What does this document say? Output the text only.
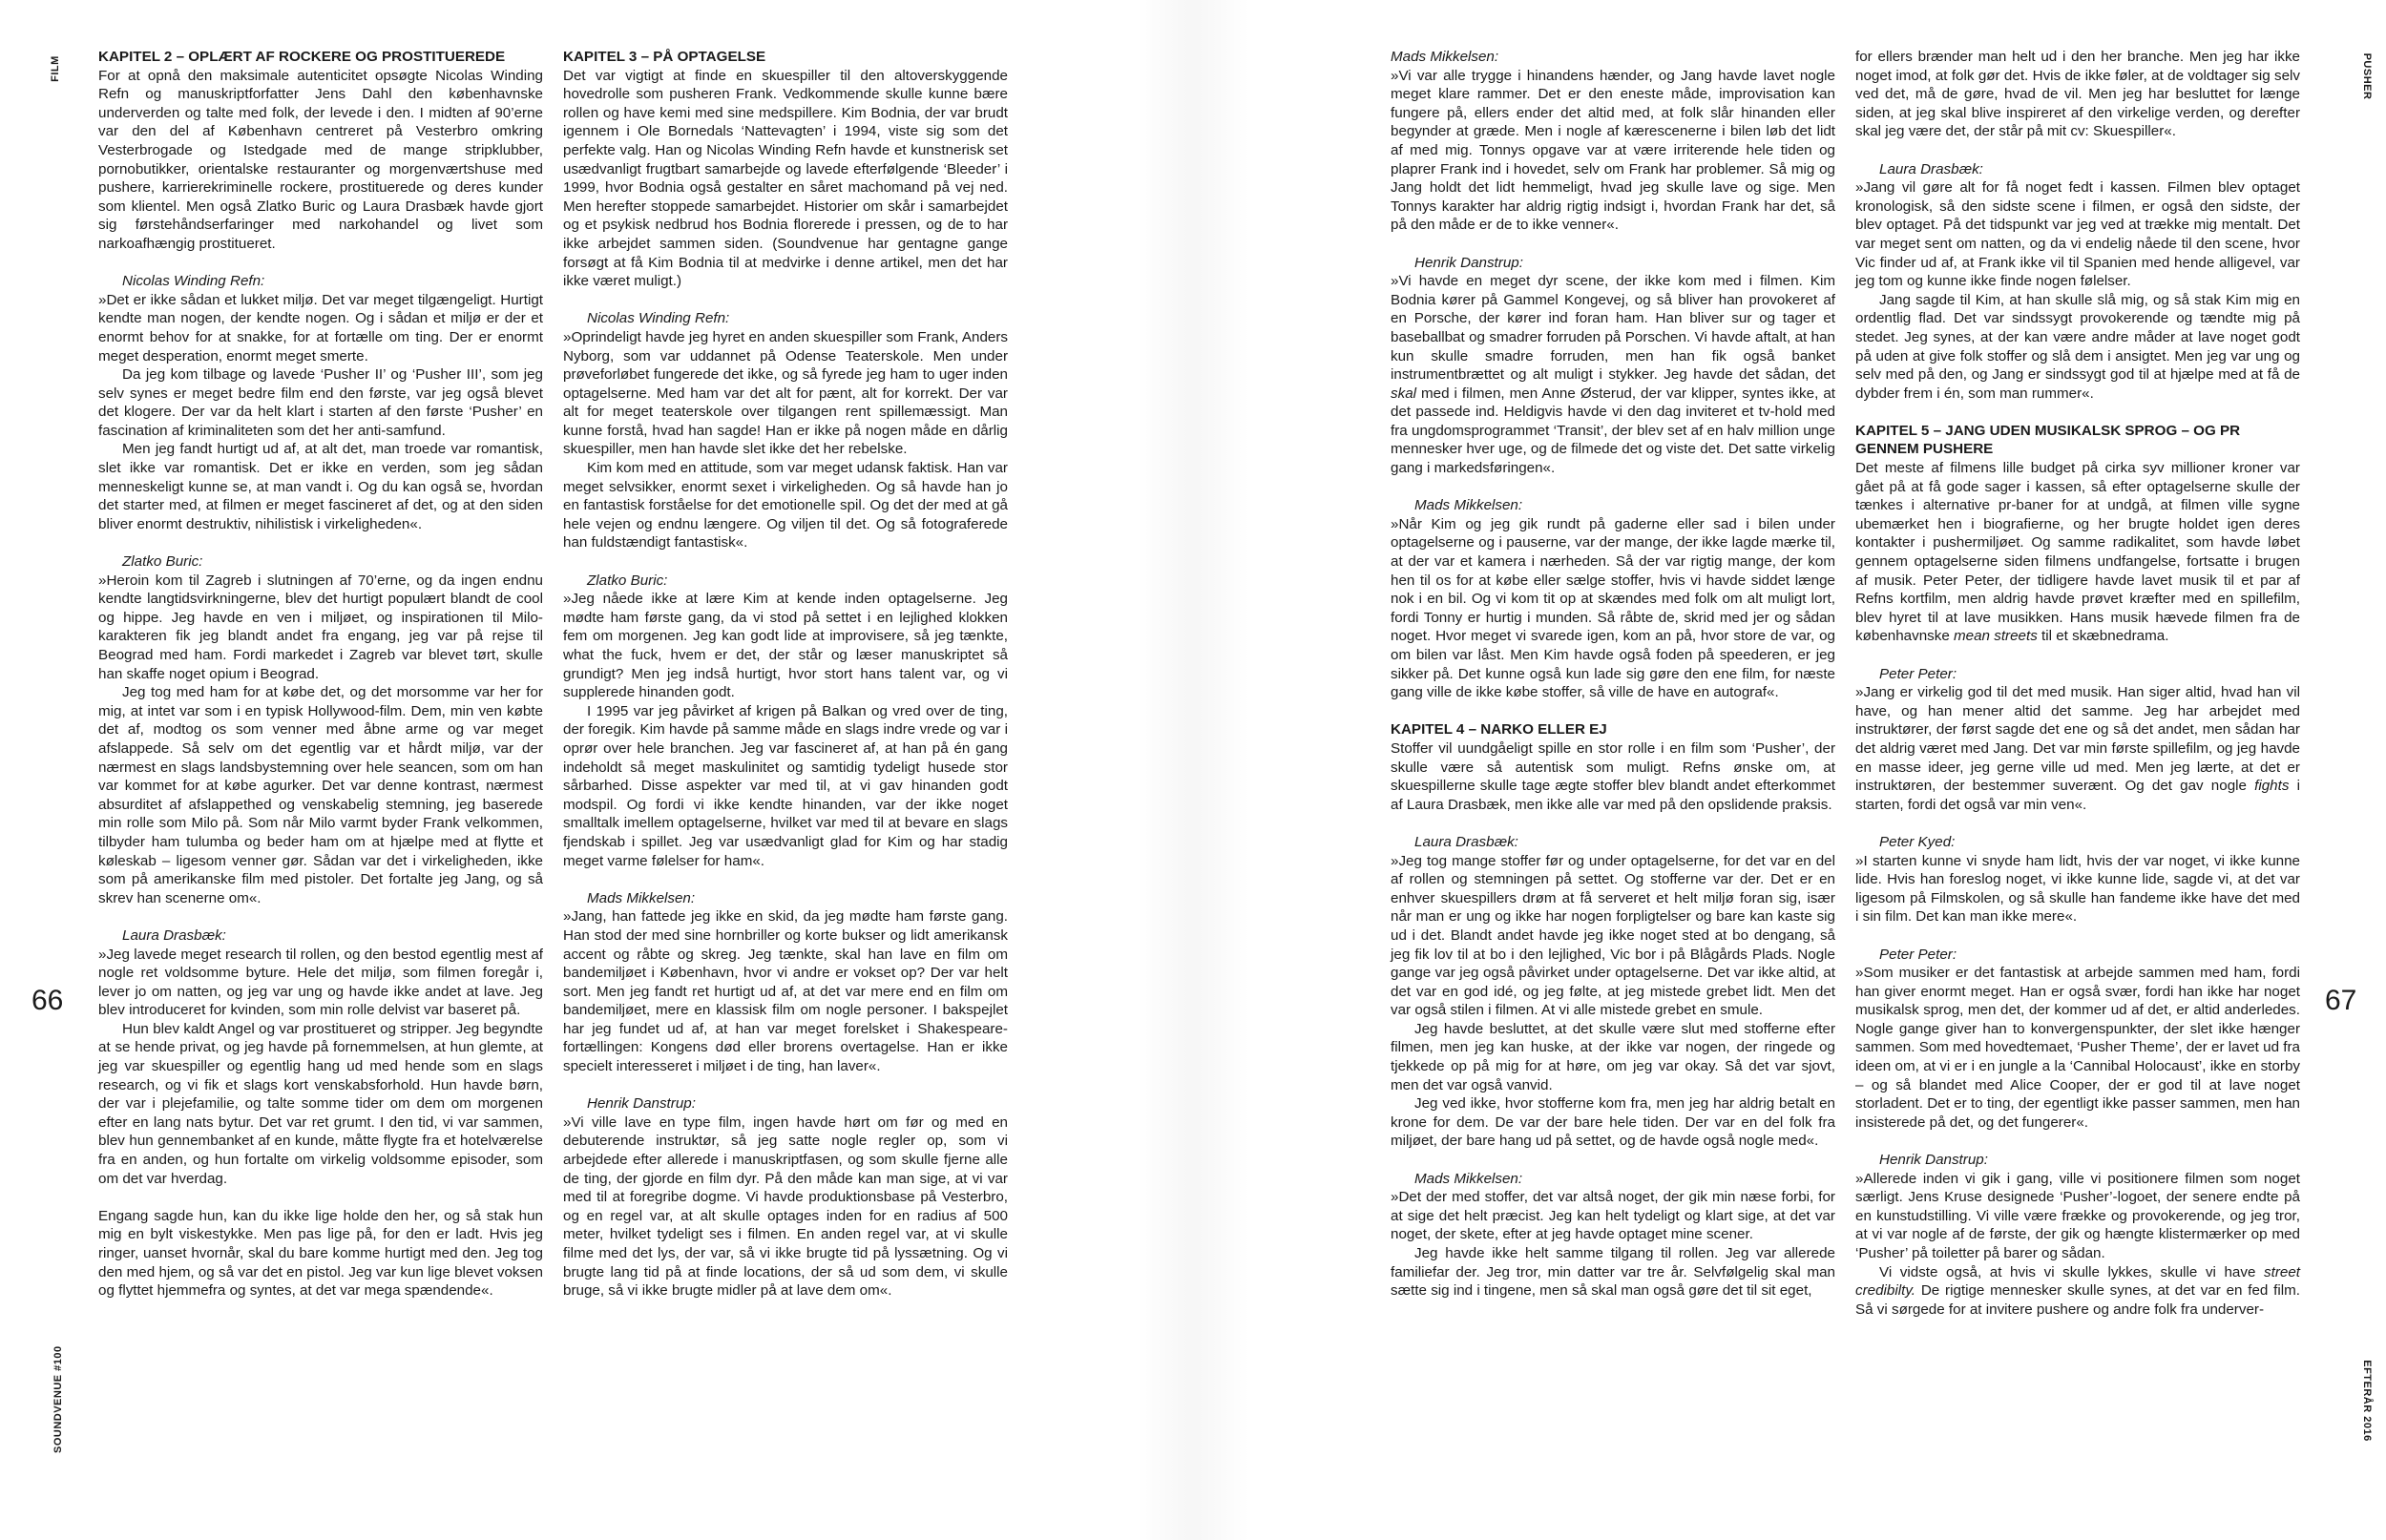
FILM
66
SOUNDVENUE #100
KAPITEL 2 – OPLÆRT AF ROCKERE OG PROSTITUEREDE

For at opnå den maksimale autenticitet opsøgte Nicolas Winding Refn og manuskriptforfatter Jens Dahl den københavnske underverden og talte med folk, der levede i den. I midten af 90’erne var den del af København centreret på Vesterbro omkring Vesterbrogade og Istedgade med de mange stripklubber, pornobutikker, orientalske restauranter og morgenværtshuse med pushere, karrierekriminelle rockere, prostituerede og deres kunder som klientel. Men også Zlatko Buric og Laura Drasbæk havde gjort sig førstehåndserfaringer med narkohandel og livet som narkoafhængig prostitueret.

Nicolas Winding Refn:

»Det er ikke sådan et lukket miljø. Det var meget tilgængeligt. Hurtigt kendte man nogen, der kendte nogen. Og i sådan et miljø er der et enormt behov for at snakke, for at fortælle om ting. Der er enormt meget desperation, enormt meget smerte.

Da jeg kom tilbage og lavede ‘Pusher II’ og ‘Pusher III’, som jeg selv synes er meget bedre film end den første, var jeg også blevet det klogere. Der var da helt klart i starten af den første ‘Pusher’ en fascination af kriminaliteten som det her anti-samfund.

Men jeg fandt hurtigt ud af, at alt det, man troede var romantisk, slet ikke var romantisk. Det er ikke en verden, som jeg sådan menneskeligt kunne se, at man vandt i. Og du kan også se, hvordan det starter med, at filmen er meget fascineret af det, og at den siden bliver enormt destruktiv, nihilistisk i virkeligheden«.

Zlatko Buric:

»Heroin kom til Zagreb i slutningen af 70’erne, og da ingen endnu kendte langtidsvirkningerne, blev det hurtigt populært blandt de cool og hippe. Jeg havde en ven i miljøet, og inspirationen til Milo-karakteren fik jeg blandt andet fra engang, jeg var på rejse til Beograd med ham. Fordi markedet i Zagreb var blevet tørt, skulle han skaffe noget opium i Beograd.

Jeg tog med ham for at købe det, og det morsomme var her for mig, at intet var som i en typisk Hollywood-film. Dem, min ven købte det af, modtog os som venner med åbne arme og var meget afslappede. Så selv om det egentlig var et hårdt miljø, var der nærmest en slags landsbystemning over hele seancen, som om han var kommet for at købe agurker. Det var denne kontrast, nærmest absurditet af afslappethed og venskabelig stemning, jeg baserede min rolle som Milo på. Som når Milo varmt byder Frank velkommen, tilbyder ham tulumba og beder ham om at hjælpe med at flytte et køleskab – ligesom venner gør. Sådan var det i virkeligheden, ikke som på amerikanske film med pistoler. Det fortalte jeg Jang, og så skrev han scenerne om«.

Laura Drasbæk:

»Jeg lavede meget research til rollen, og den bestod egentlig mest af nogle ret voldsomme byture. Hele det miljø, som filmen foregår i, lever jo om natten, og jeg var ung og havde ikke andet at lave. Jeg blev introduceret for kvinden, som min rolle delvist var baseret på.

Hun blev kaldt Angel og var prostitueret og stripper. Jeg begyndte at se hende privat, og jeg havde på fornemmelsen, at hun glemte, at jeg var skuespiller og egentlig hang ud med hende som en slags research, og vi fik et slags kort venskabsforhold. Hun havde børn, der var i plejefamilie, og talte somme tider om dem om morgenen efter en lang nats bytur. Det var ret grumt. I den tid, vi var sammen, blev hun gennembanket af en kunde, måtte flygte fra et hotelværelse fra en anden, og hun fortalte om virkelig voldsomme episoder, som om det var hverdag.

Engang sagde hun, kan du ikke lige holde den her, og så stak hun mig en bylt viskestykke. Men pas lige på, for den er ladt. Hvis jeg ringer, uanset hvornår, skal du bare komme hurtigt med den. Jeg tog den med hjem, og så var det en pistol. Jeg var kun lige blevet voksen og flyttet hjemmefra og syntes, at det var mega spændende«.

KAPITEL 3 – PÅ OPTAGELSE

Det var vigtigt at finde en skuespiller til den altoverskyggende hovedrolle som pusheren Frank. Vedkommende skulle kunne bære rollen og have kemi med sine medspillere. Kim Bodnia, der var brudt igennem i Ole Bornedals ‘Nattevagten’ i 1994, viste sig som det perfekte valg. Han og Nicolas Winding Refn havde et kunstnerisk set usædvanligt frugtbart samarbejde og lavede efterfølgende ‘Bleeder’ i 1999, hvor Bodnia også gestalter en såret machomand på vej ned. Men herefter stoppede samarbejdet. Historier om skår i samarbejdet og et psykisk nedbrud hos Bodnia florerede i pressen, og de to har ikke arbejdet sammen siden. (Soundvenue har gentagne gange forsøgt at få Kim Bodnia til at medvirke i denne artikel, men det har ikke været muligt.)

Nicolas Winding Refn:

»Oprindeligt havde jeg hyret en anden skuespiller som Frank, Anders Nyborg, som var uddannet på Odense Teaterskole. Men under prøveforløbet fungerede det ikke, og så fyrede jeg ham to uger inden optagelserne. Med ham var det alt for pænt, alt for korrekt. Der var alt for meget teaterskole over tilgangen rent spillemæssigt. Man kunne forstå, hvad han sagde! Han er ikke på nogen måde en dårlig skuespiller, men han havde slet ikke det her rebelske.

Kim kom med en attitude, som var meget udansk faktisk. Han var meget selvsikker, enormt sexet i virkeligheden. Og så havde han jo en fantastisk forståelse for det emotionelle spil. Og det der med at gå hele vejen og endnu længere. Og viljen til det. Og så fotograferede han fuldstændigt fantastisk«.

Zlatko Buric:

»Jeg nåede ikke at lære Kim at kende inden optagelserne. Jeg mødte ham første gang, da vi stod på settet i en lejlighed klokken fem om morgenen. Jeg kan godt lide at improvisere, så jeg tænkte, what the fuck, hvem er det, der står og læser manuskriptet så grundigt? Men jeg indså hurtigt, hvor stort hans talent var, og vi supplerede hinanden godt.

I 1995 var jeg påvirket af krigen på Balkan og vred over de ting, der foregik. Kim havde på samme måde en slags indre vrede og var i oprør over hele branchen. Jeg var fascineret af, at han på én gang indeholdt så meget maskulinitet og samtidig tydeligt husede stor sårbarhed. Disse aspekter var med til, at vi gav hinanden godt modspil. Og fordi vi ikke kendte hinanden, var der ikke noget smalltalk imellem optagelserne, hvilket var med til at bevare en slags fjendskab i spillet. Jeg var usædvanligt glad for Kim og har stadig meget varme følelser for ham«.

Mads Mikkelsen:

»Jang, han fattede jeg ikke en skid, da jeg mødte ham første gang. Han stod der med sine hornbriller og korte bukser og lidt amerikansk accent og råbte og skreg. Jeg tænkte, skal han lave en film om bandemiljøet i København, hvor vi andre er vokset op? Der var helt sort. Men jeg fandt ret hurtigt ud af, at det var mere end en film om bandemiljøet, mere en klassisk film om nogle personer. I bakspejlet har jeg fundet ud af, at han var meget forelsket i Shakespeare-fortællingen: Kongens død eller brorens overtagelse. Han er ikke specielt interesseret i miljøet i de ting, han laver«.

Henrik Danstrup:

»Vi ville lave en type film, ingen havde hørt om før og med en debuterende instruktør, så jeg satte nogle regler op, som vi arbejdede efter allerede i manuskriptfasen, og som skulle fjerne alle de ting, der gjorde en film dyr. På den måde kan man sige, at vi var med til at foregribe dogme. Vi havde produktionsbase på Vesterbro, og en regel var, at alt skulle optages inden for en radius af 500 meter, hvilket tydeligt ses i filmen. En anden regel var, at vi skulle filme med det lys, der var, så vi ikke brugte tid på lyssætning. Og vi brugte lang tid på at finde locations, der så ud som dem, vi skulle bruge, så vi ikke brugte midler på at lave dem om«.

PUSHER
67
EFTERÅR 2016

Mads Mikkelsen:

»Vi var alle trygge i hinandens hænder, og Jang havde lavet nogle meget klare rammer. Det er den eneste måde, improvisation kan fungere på, ellers ender det altid med, at folk slår hinanden eller begynder at græde. Men i nogle af kærescenerne i bilen løb det lidt af med mig. Tonnys opgave var at være irriterende hele tiden og plaprer Frank ind i hovedet, selv om Frank har problemer. Så mig og Jang holdt det lidt hemmeligt, hvad jeg skulle lave og sige. Men Tonnys karakter har aldrig rigtig indsigt i, hvordan Frank har det, så på den måde er de to ikke venner«.

Henrik Danstrup:

»Vi havde en meget dyr scene, der ikke kom med i filmen. Kim Bodnia kører på Gammel Kongevej, og så bliver han provokeret af en Porsche, der kører ind foran ham. Han bliver sur og tager et baseballbat og smadrer forruden på Porschen. Vi havde aftalt, at han kun skulle smadre forruden, men han fik også banket instrumentbrættet og alt muligt i stykker. Jeg havde det sådan, det skal med i filmen, men Anne Østerud, der var klipper, syntes ikke, at det passede ind. Heldigvis havde vi den dag inviteret et tv-hold med fra ungdomsprogrammet ‘Transit’, der blev set af en halv million unge mennesker hver uge, og de filmede det og viste det. Det satte virkelig gang i markedsføringen«.

Mads Mikkelsen:

»Når Kim og jeg gik rundt på gaderne eller sad i bilen under optagelserne og i pauserne, var der mange, der ikke lagde mærke til, at der var et kamera i nærheden. Så der var rigtig mange, der kom hen til os for at købe eller sælge stoffer, hvis vi havde siddet længe nok i en bil. Og vi kom tit op at skændes med folk om alt muligt lort, fordi Tonny er hurtig i munden. Så råbte de, skrid med jer og sådan noget. Hvor meget vi svarede igen, kom an på, hvor store de var, og om bilen var låst. Men Kim havde også foden på speederen, er jeg sikker på. Det kunne også kun lade sig gøre den ene film, for næste gang ville de ikke købe stoffer, så ville de have en autograf«.

KAPITEL 4 – NARKO ELLER EJ

Stoffer vil uundgåeligt spille en stor rolle i en film som ‘Pusher’, der skulle være så autentisk som muligt. Refns ønske om, at skuespillerne skulle tage ægte stoffer blev blandt andet efterkommet af Laura Drasbæk, men ikke alle var med på den opslidende praksis.

Laura Drasbæk:

»Jeg tog mange stoffer før og under optagelserne, for det var en del af rollen og stemningen på settet. Og stofferne var der. Det er en enhver skuespillers drøm at få serveret et helt miljø foran sig, især når man er ung og ikke har nogen forpligtelser og bare kan kaste sig ud i det. Blandt andet havde jeg ikke noget sted at bo dengang, så jeg fik lov til at bo i den lejlighed, Vic bor i på Blågårds Plads. Nogle gange var jeg også påvirket under optagelserne. Det var ikke altid, at det var en god idé, og jeg følte, at jeg mistede grebet lidt. Men det var også stilen i filmen. At vi alle mistede grebet en smule.

Jeg havde besluttet, at det skulle være slut med stofferne efter filmen, men jeg kan huske, at der ikke var nogen, der ringede og tjekkede op på mig for at høre, om jeg var okay. Så det var sjovt, men det var også vanvid.

Jeg ved ikke, hvor stofferne kom fra, men jeg har aldrig betalt en krone for dem. De var der bare hele tiden. Der var en del folk fra miljøet, der bare hang ud på settet, og de havde også nogle med«.

Mads Mikkelsen:

»Det der med stoffer, det var altså noget, der gik min næse forbi, for at sige det helt præcist. Jeg kan helt tydeligt og klart sige, at det var noget, der skete, efter at jeg havde optaget mine scener.

Jeg havde ikke helt samme tilgang til rollen. Jeg var allerede familiefar der. Jeg tror, min datter var tre år. Selvfølgelig skal man sætte sig ind i tingene, men så skal man også gøre det til sit eget,

for ellers brænder man helt ud i den her branche. Men jeg har ikke noget imod, at folk gør det. Hvis de ikke føler, at de voldtager sig selv ved det, må de gøre, hvad de vil. Men jeg har besluttet for længe siden, at jeg skal blive inspireret af den virkelige verden, og derefter skal jeg være det, der står på mit cv: Skuespiller«.

Laura Drasbæk:

»Jang vil gøre alt for få noget fedt i kassen. Filmen blev optaget kronologisk, så den sidste scene i filmen, er også den sidste, der blev optaget. På det tidspunkt var jeg ved at trække mig mentalt. Det var meget sent om natten, og da vi endelig nåede til den scene, hvor Vic finder ud af, at Frank ikke vil til Spanien med hende alligevel, var jeg tom og kunne ikke finde nogen følelser.

Jang sagde til Kim, at han skulle slå mig, og så stak Kim mig en ordentlig flad. Det var sindssygt provokerende og tændte mig på stedet. Jeg synes, at der kan være andre måder at lave noget godt på uden at give folk stoffer og slå dem i ansigtet. Men jeg var ung og selv med på den, og Jang er sindssygt god til at hjælpe med at få de dybder frem i én, som man rummer«.

KAPITEL 5 – JANG UDEN MUSIKALSK SPROG – OG PR GENNEM PUSHERE

Det meste af filmens lille budget på cirka syv millioner kroner var gået på at få gode sager i kassen, så efter optagelserne skulle der tænkes i alternative pr-baner for at undgå, at filmen ville sygne ubemærket hen i biografierne, og her brugte holdet igen deres kontakter i pushermiljøet. Og samme radikalitet, som havde løbet gennem optagelserne siden filmens undfangelse, fortsatte i brugen af musik. Peter Peter, der tidligere havde lavet musik til et par af Refns kortfilm, men aldrig havde prøvet kræfter med en spillefilm, blev hyret til at lave musikken. Hans musik hævede filmen fra de københavnske mean streets til et skæbnedrama.

Peter Peter:

»Jang er virkelig god til det med musik. Han siger altid, hvad han vil have, og han mener altid det samme. Jeg har arbejdet med instruktører, der først sagde det ene og så det andet, men sådan har det aldrig været med Jang. Det var min første spillefilm, og jeg havde en masse ideer, jeg gerne ville ud med. Men jeg lærte, at det er instruktøren, der bestemmer suverænt. Og det gav nogle fights i starten, fordi det også var min ven«.

Peter Kyed:

»I starten kunne vi snyde ham lidt, hvis der var noget, vi ikke kunne lide. Hvis han foreslog noget, vi ikke kunne lide, sagde vi, at det var ligesom på Filmskolen, og så skulle han fandeme ikke have det med i sin film. Det kan man ikke mere«.

Peter Peter:

»Som musiker er det fantastisk at arbejde sammen med ham, fordi han giver enormt meget. Han er også svær, fordi han ikke har noget musikalsk sprog, men det, der kommer ud af det, er altid anderledes. Nogle gange giver han to konvergenspunkter, der slet ikke hænger sammen. Som med hovedtemaet, ‘Pusher Theme’, der er lavet ud fra ideen om, at vi er i en jungle a la ‘Cannibal Holocaust’, ikke en storby – og så blandet med Alice Cooper, der er god til at lave noget storladent. Det er to ting, der egentligt ikke passer sammen, men han insisterede på det, og det fungerer«.

Henrik Danstrup:

»Allerede inden vi gik i gang, ville vi positionere filmen som noget særligt. Jens Kruse designede ‘Pusher’-logoet, der senere endte på en kunstudstilling. Vi ville være frække og provokerende, og jeg tror, at vi var nogle af de første, der gik og hængte klistermærker op med ‘Pusher’ på toiletter på barer og sådan.

Vi vidste også, at hvis vi skulle lykkes, skulle vi have street credibilty. De rigtige mennesker skulle synes, at det var en fed film. Så vi sørgede for at invitere pushere og andre folk fra underver-
